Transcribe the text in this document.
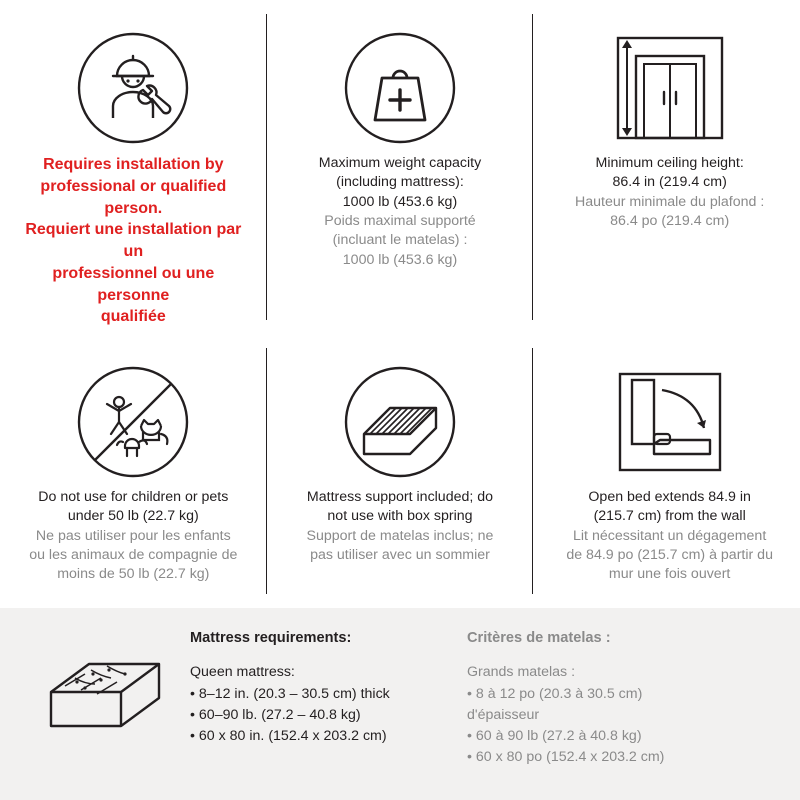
Requires installation by
professional or qualified person.
Requiert une installation par un
professionnel ou une personne
qualifiée
Maximum weight capacity
(including mattress):
1000 lb (453.6 kg)
Poids maximal supporté
(incluant le matelas) :
1000 lb (453.6 kg)
Minimum ceiling height:
86.4 in (219.4 cm)
Hauteur minimale du plafond :
86.4 po (219.4 cm)
Do not use for children or pets
under 50 lb (22.7 kg)
Ne pas utiliser pour les enfants
ou les animaux de compagnie de
moins de 50 lb (22.7 kg)
Mattress support included; do
not use with box spring
Support de matelas inclus; ne
pas utiliser avec un sommier
Open bed extends 84.9 in
(215.7 cm) from the wall
Lit nécessitant un dégagement
de 84.9 po (215.7 cm) à partir du
mur une fois ouvert
Mattress requirements:
Queen mattress:
• 8–12 in. (20.3 – 30.5 cm) thick
• 60–90 lb. (27.2 – 40.8 kg)
• 60 x 80 in. (152.4 x 203.2 cm)
Critères de matelas :
Grands matelas :
• 8 à 12 po (20.3 à 30.5 cm) d'épaisseur
• 60 à 90 lb (27.2 à 40.8 kg)
• 60 x 80 po (152.4 x 203.2 cm)
